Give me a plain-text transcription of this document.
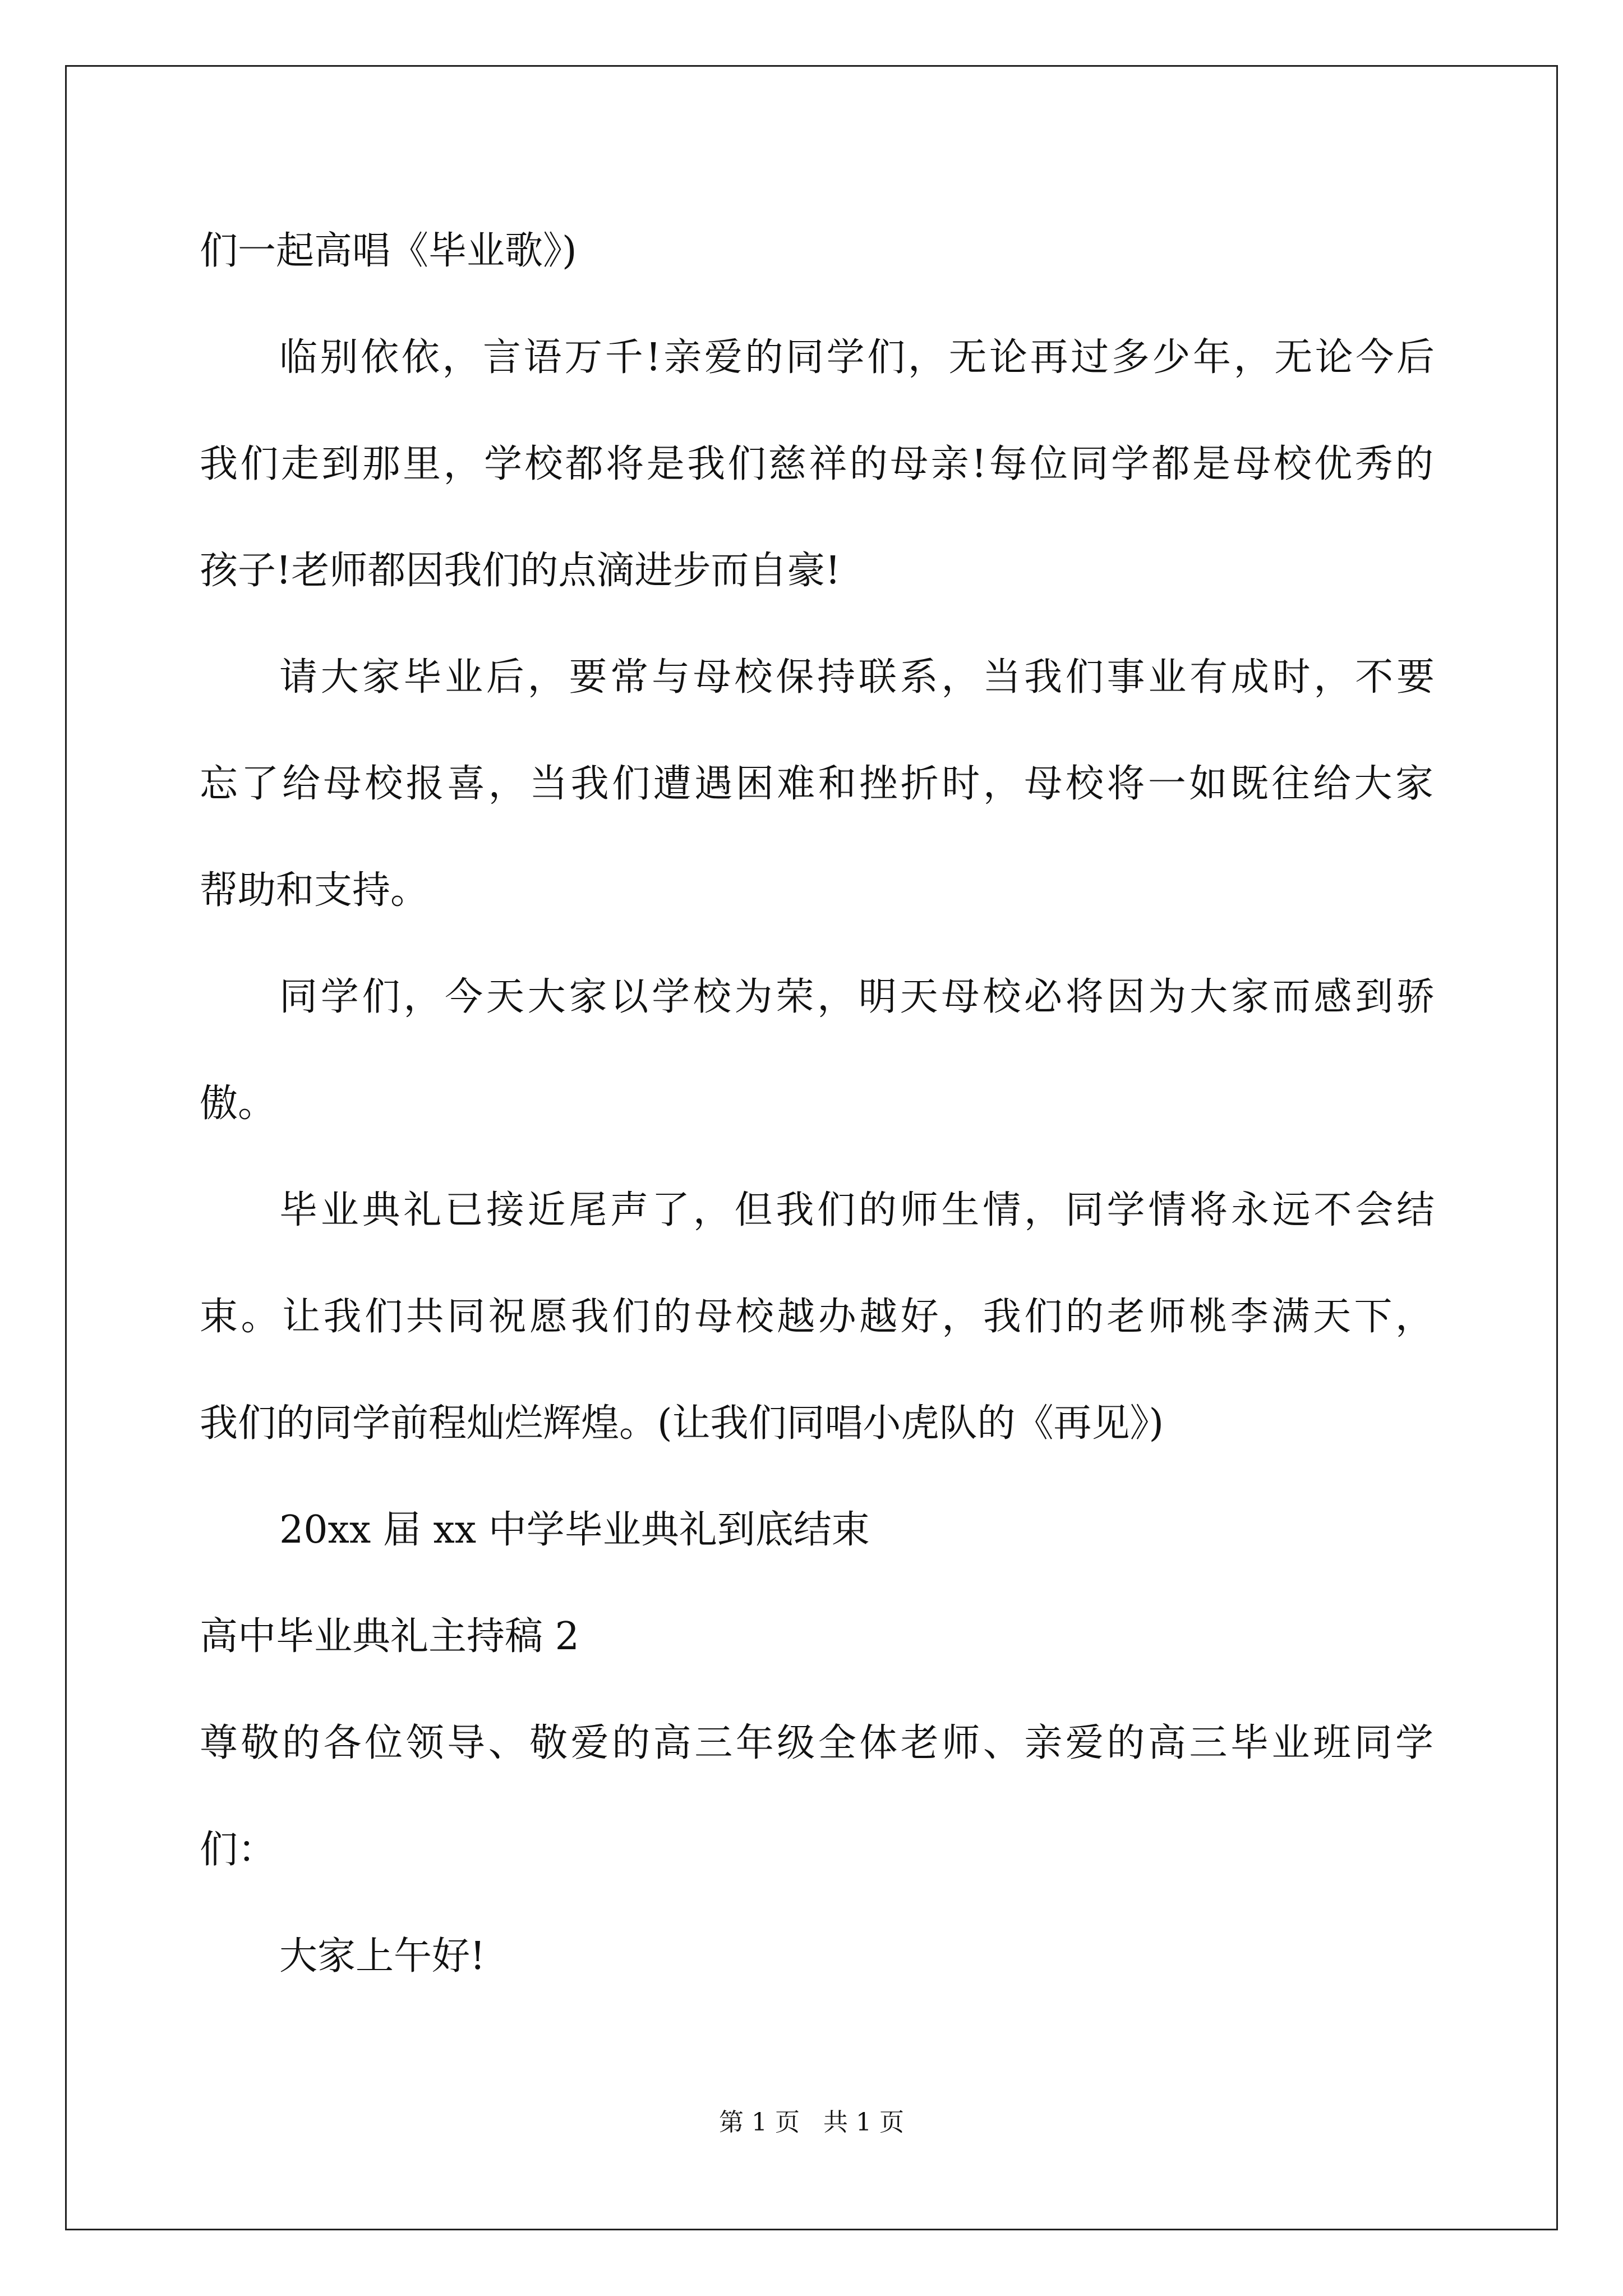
们一起高唱《毕业歌》)
临别依依，言语万千!亲爱的同学们，无论再过多少年，无论今后
我们走到那里，学校都将是我们慈祥的母亲!每位同学都是母校优秀的
孩子!老师都因我们的点滴进步而自豪!
请大家毕业后，要常与母校保持联系，当我们事业有成时，不要
忘了给母校报喜，当我们遭遇困难和挫折时，母校将一如既往给大家
帮助和支持。
同学们，今天大家以学校为荣，明天母校必将因为大家而感到骄
傲。
毕业典礼已接近尾声了，但我们的师生情，同学情将永远不会结
束。让我们共同祝愿我们的母校越办越好，我们的老师桃李满天下，
我们的同学前程灿烂辉煌。(让我们同唱小虎队的《再见》)
20xx 届 xx 中学毕业典礼到底结束
高中毕业典礼主持稿 2
尊敬的各位领导、敬爱的高三年级全体老师、亲爱的高三毕业班同学
们：
大家上午好!
第 1 页   共 1 页
